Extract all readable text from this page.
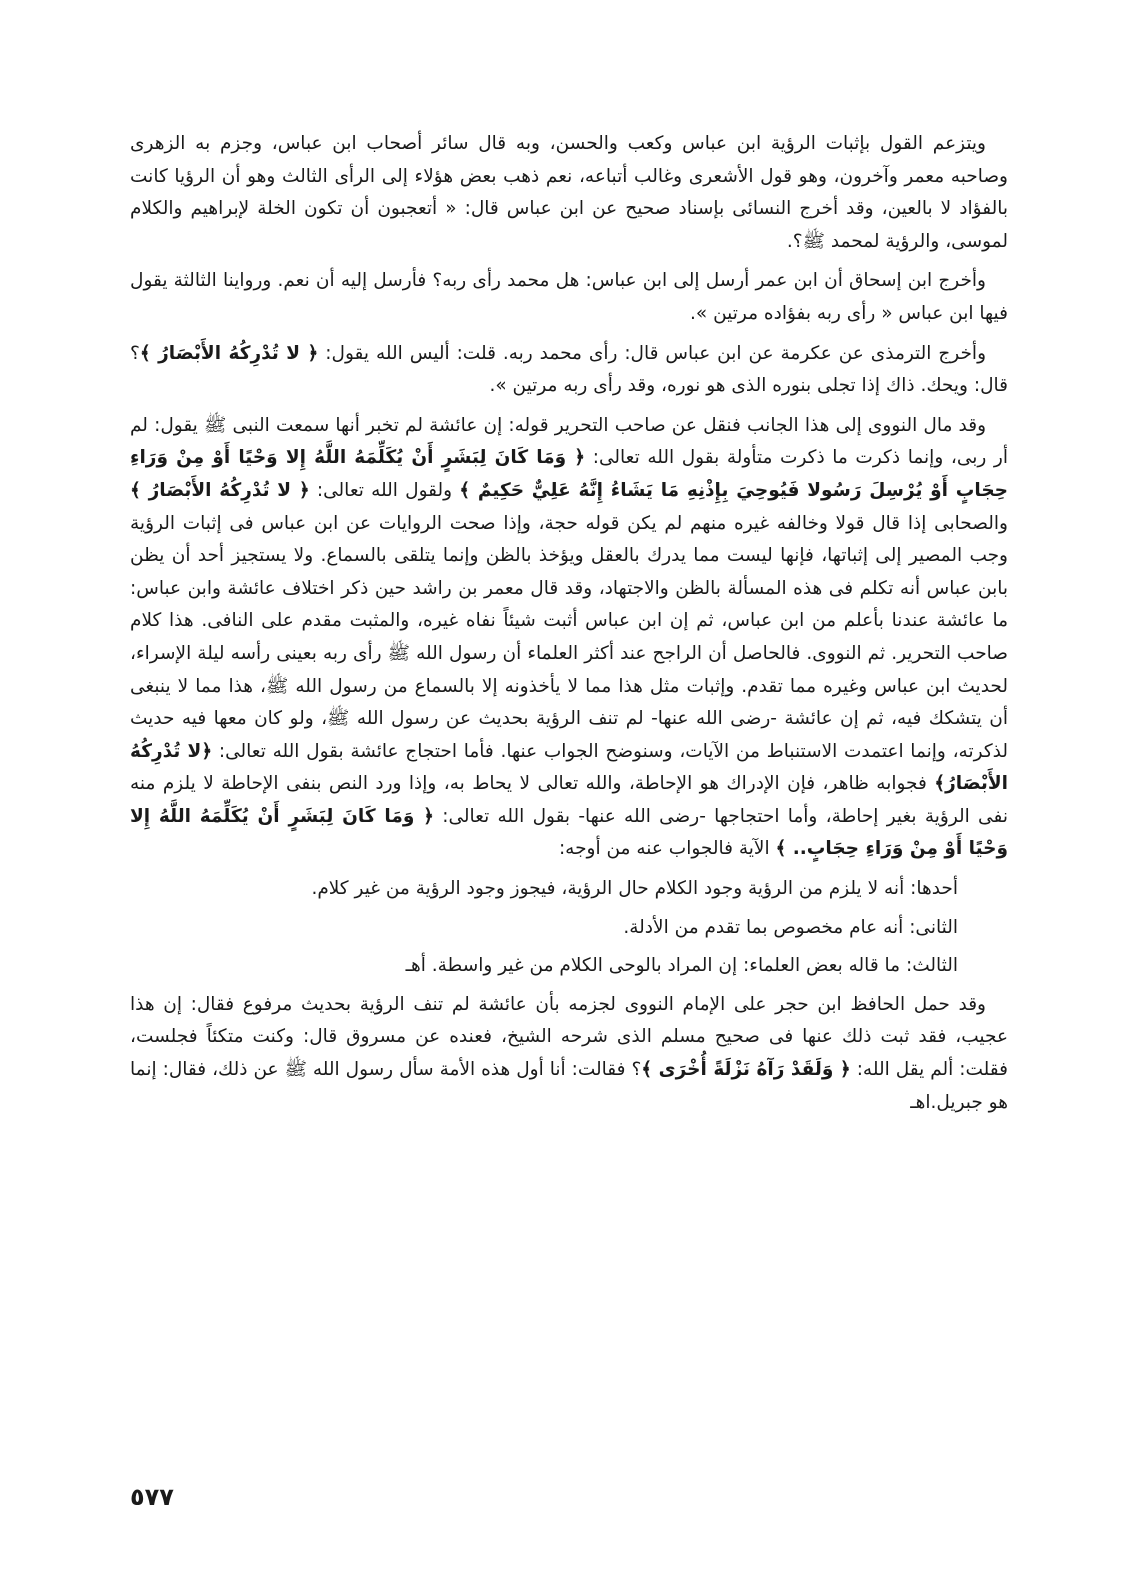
ويتزعم القول بإثبات الرؤية ابن عباس وكعب والحسن، وبه قال سائر أصحاب ابن عباس، وجزم به الزهرى وصاحبه معمر وآخرون، وهو قول الأشعرى وغالب أتباعه، نعم ذهب بعض هؤلاء إلى الرأى الثالث وهو أن الرؤيا كانت بالفؤاد لا بالعين، وقد أخرج النسائى بإسناد صحيح عن ابن عباس قال: « أتعجبون أن تكون الخلة لإبراهيم والكلام لموسى، والرؤية لمحمد ﷺ؟.

وأخرج ابن إسحاق أن ابن عمر أرسل إلى ابن عباس: هل محمد رأى ربه؟ فأرسل إليه أن نعم. ورواينا الثالثة يقول فيها ابن عباس « رأى ربه بفؤاده مرتين ».

وأخرج الترمذى عن عكرمة عن ابن عباس قال: رأى محمد ربه. قلت: أليس الله يقول: ﴿ لا تُدْرِكُهُ الأَبْصَارُ ﴾؟ قال: ويحك. ذاك إذا تجلى بنوره الذى هو نوره، وقد رأى ربه مرتين ».

وقد مال النووى إلى هذا الجانب فنقل عن صاحب التحرير قوله: إن عائشة لم تخبر أنها سمعت النبى ﷺ يقول: لم أر ربى، وإنما ذكرت ما ذكرت متأولة بقول الله تعالى: ﴿ وَمَا كَانَ لِبَشَرٍ أَنْ يُكَلِّمَهُ اللَّهُ إِلا وَحْيًا أَوْ مِنْ وَرَاءِ حِجَابٍ أَوْ يُرْسِلَ رَسُولا فَيُوحِيَ بِإِذْنِهِ مَا يَشَاءُ إِنَّهُ عَلِيٌّ حَكِيمٌ ﴾ ولقول الله تعالى: ﴿ لا تُدْرِكُهُ الأَبْصَارُ ﴾ والصحابى إذا قال قولا وخالفه غيره منهم لم يكن قوله حجة، وإذا صحت الروايات عن ابن عباس فى إثبات الرؤية وجب المصير إلى إثباتها، فإنها ليست مما يدرك بالعقل ويؤخذ بالظن وإنما يتلقى بالسماع. ولا يستجيز أحد أن يظن بابن عباس أنه تكلم فى هذه المسألة بالظن والاجتهاد، وقد قال معمر بن راشد حين ذكر اختلاف عائشة وابن عباس: ما عائشة عندنا بأعلم من ابن عباس، ثم إن ابن عباس أثبت شيئاً نفاه غيره، والمثبت مقدم على النافى. هذا كلام صاحب التحرير. ثم النووى. فالحاصل أن الراجح عند أكثر العلماء أن رسول الله ﷺ رأى ربه بعينى رأسه ليلة الإسراء، لحديث ابن عباس وغيره مما تقدم. وإثبات مثل هذا مما لا يأخذونه إلا بالسماع من رسول الله ﷺ، هذا مما لا ينبغى أن يتشكك فيه، ثم إن عائشة -رضى الله عنها- لم تنف الرؤية بحديث عن رسول الله ﷺ، ولو كان معها فيه حديث لذكرته، وإنما اعتمدت الاستنباط من الآيات، وسنوضح الجواب عنها. فأما احتجاج عائشة بقول الله تعالى: ﴿لا تُدْرِكُهُ الأَبْصَارُ﴾ فجوابه ظاهر، فإن الإدراك هو الإحاطة، والله تعالى لا يحاط به، وإذا ورد النص بنفى الإحاطة لا يلزم منه نفى الرؤية بغير إحاطة، وأما احتجاجها -رضى الله عنها- بقول الله تعالى: ﴿ وَمَا كَانَ لِبَشَرٍ أَنْ يُكَلِّمَهُ اللَّهُ إِلا وَحْيًا أَوْ مِنْ وَرَاءِ حِجَابٍ.. ﴾ الآية فالجواب عنه من أوجه:

أحدها: أنه لا يلزم من الرؤية وجود الكلام حال الرؤية، فيجوز وجود الرؤية من غير كلام.

الثانى: أنه عام مخصوص بما تقدم من الأدلة.

الثالث: ما قاله بعض العلماء: إن المراد بالوحى الكلام من غير واسطة. أهـ

وقد حمل الحافظ ابن حجر على الإمام النووى لجزمه بأن عائشة لم تنف الرؤية بحديث مرفوع فقال: إن هذا عجيب، فقد ثبت ذلك عنها فى صحيح مسلم الذى شرحه الشيخ، فعنده عن مسروق قال: وكنت متكئاً فجلست، فقلت: ألم يقل الله: ﴿ وَلَقَدْ رَآهُ نَزْلَةً أُخْرَى ﴾؟ فقالت: أنا أول هذه الأمة سأل رسول الله ﷺ عن ذلك، فقال: إنما هو جبريل.اهـ

٥٧٧
